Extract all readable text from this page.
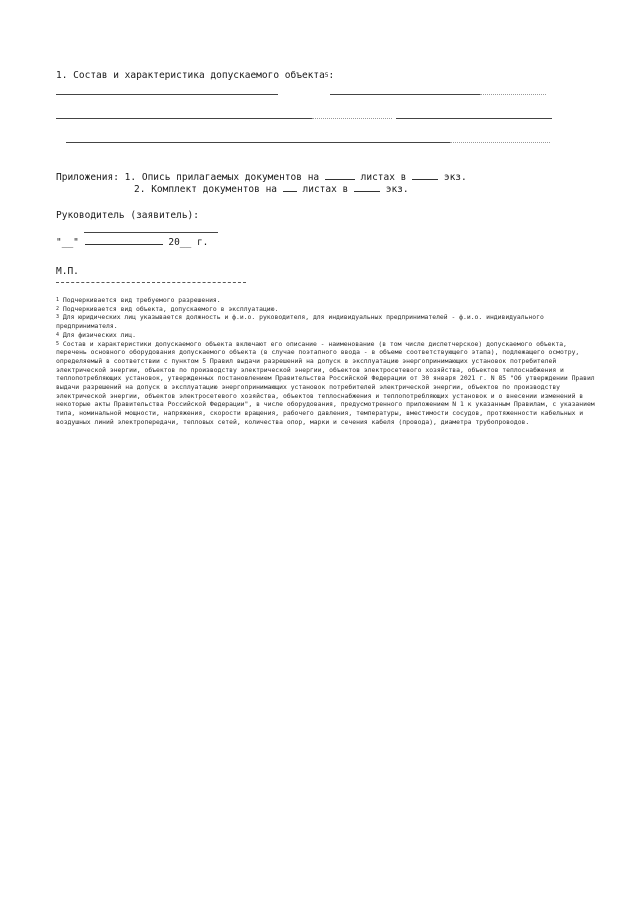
1. Состав и характеристика допускаемого объекта$^5$:
Приложения: 1. Опись прилагаемых документов на	листах в	экз.
2. Комплект документов на	листах в	экз.
Руководитель (заявитель):
"__"	20__ г.
М.П.

$^1$ Подчеркивается вид требуемого разрешения.

$^2$ Подчеркивается вид объекта, допускаемого в эксплуатацию.

$^3$ Для юридических лиц указывается должность и ф.и.о. руководителя, для индивидуальных предпринимателей - ф.и.о. индивидуального предпринимателя.

$^4$ Для физических лиц.

$^5$ Состав и характеристики допускаемого объекта включают его описание - наименование (в том числе диспетчерское) допускаемого объекта, перечень основного оборудования допускаемого объекта (в случае поэтапного ввода - в объеме соответствующего этапа), подлежащего осмотру, определяемый в соответствии с пунктом 5 Правил выдачи разрешений на допуск в эксплуатацию энергопринимающих установок потребителей электрической энергии, объектов по производству электрической энергии, объектов электросетевого хозяйства, объектов теплоснабжения и теплопотребляющих установок, утвержденных постановлением Правительства Российской Федерации от 30 января 2021 г. N 85 "Об утверждении Правил выдачи разрешений на допуск в эксплуатацию энергопринимающих установок потребителей электрической энергии, объектов по производству электрической энергии, объектов электросетевого хозяйства, объектов теплоснабжения и теплопотребляющих установок и о внесении изменений в некоторые акты Правительства Российской Федерации", в числе оборудования, предусмотренного приложением N 1 к указанным Правилам, с указанием типа, номинальной мощности, напряжения, скорости вращения, рабочего давления, температуры, вместимости сосудов, протяженности кабельных и воздушных линий электропередачи, тепловых сетей, количества опор, марки и сечения кабеля (провода), диаметра трубопроводов.
